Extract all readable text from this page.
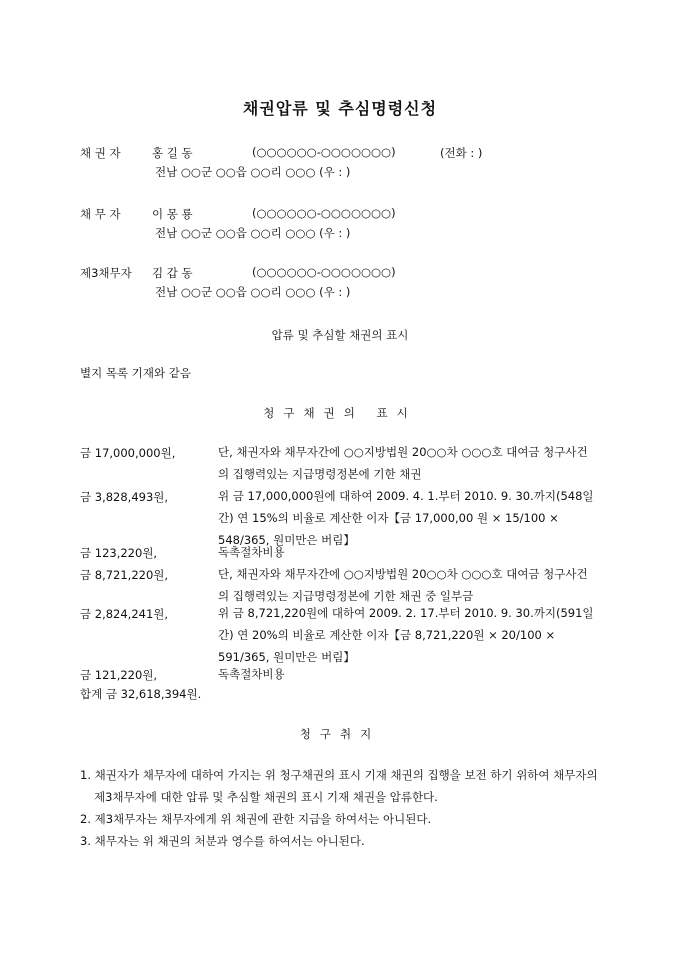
채권압류 및 추심명령신청
채 권 자	홍 길 동	(○○○○○○-○○○○○○○)	(전화 : )
전남 ○○군 ○○읍 ○○리 ○○○ (우 : )
채 무 자	이 몽 룡	(○○○○○○-○○○○○○○)
전남 ○○군 ○○읍 ○○리 ○○○ (우 : )
제3채무자 김 갑 동	(○○○○○○-○○○○○○○)
전남 ○○군 ○○읍 ○○리 ○○○ (우 : )
압류 및 추심할 채권의 표시
별지 목록 기재와 같음
청구채권의 표시
금 17,000,000원,	단, 채권자와 채무자간에 ○○지방법원 20○○차 ○○○호 대여금 청구사건의 집행력있는 지급명령정본에 기한 채권
금 3,828,493원,	위 금 17,000,000원에 대하여 2009. 4. 1.부터 2010. 9. 30.까지(548일간) 연 15%의 비율로 계산한 이자【금 17,000,00 원 × 15/100 × 548/365, 원미만은 버림】
금 123,220원,	독촉절차비용
금 8,721,220원,	단, 채권자와 채무자간에 ○○지방법원 20○○차 ○○○호 대여금 청구사건의 집행력있는 지급명령정본에 기한 채권 중 일부금
금 2,824,241원,	위 금 8,721,220원에 대하여 2009. 2. 17.부터 2010. 9. 30.까지(591일간) 연 20%의 비율로 계산한 이자【금 8,721,220원 × 20/100 × 591/365, 원미만은 버림】
금 121,220원,	독촉절차비용
합계 금 32,618,394원.
청구취지
1. 채권자가 채무자에 대하여 가지는 위 청구채권의 표시 기재 채권의 집행을 보전 하기 위하여 채무자의 제3채무자에 대한 압류 및 추심할 채권의 표시 기재 채권을 압류한다.
2. 제3채무자는 채무자에게 위 채권에 관한 지급을 하여서는 아니된다.
3. 채무자는 위 채권의 처분과 영수를 하여서는 아니된다.
